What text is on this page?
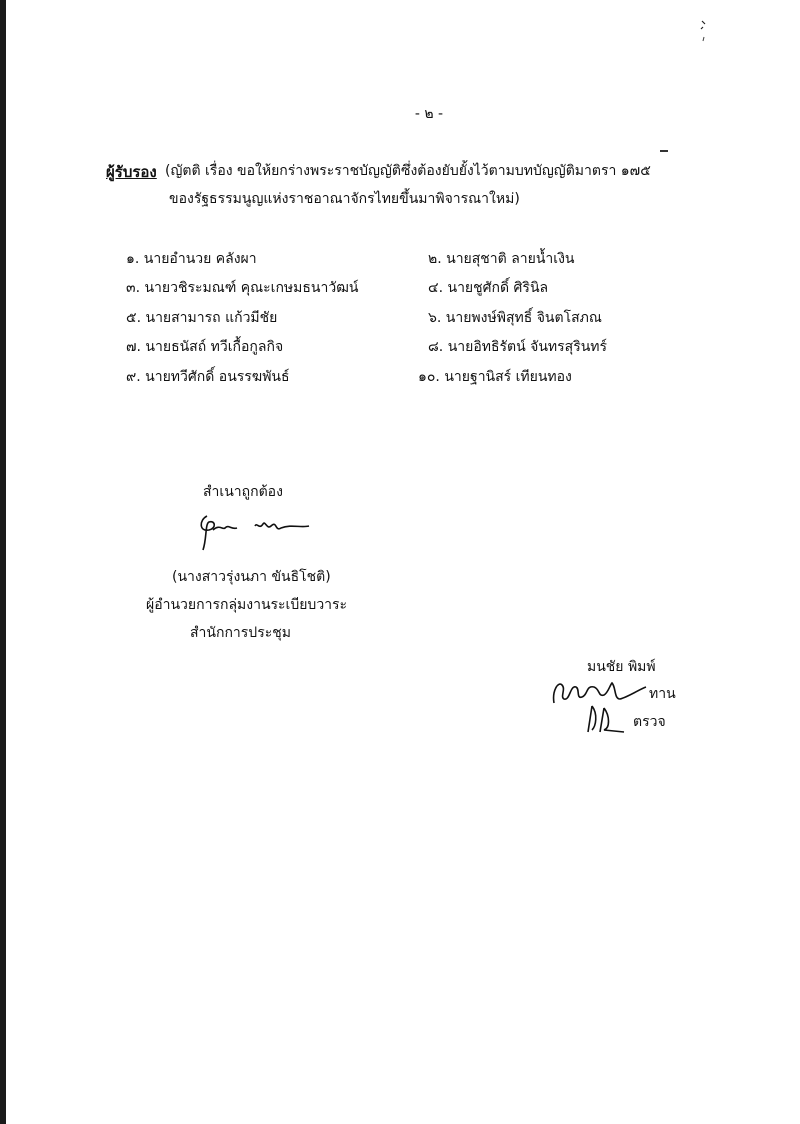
- ๒ -
ผู้รับรอง (ญัตติ เรื่อง ขอให้ยกร่างพระราชบัญญัติซึ่งต้องยับยั้งไว้ตามบทบัญญัติมาตรา ๑๗๕
ของรัฐธรรมนูญแห่งราชอาณาจักรไทยขึ้นมาพิจารณาใหม่)
๑. นายอำนวย คลังผา	๒. นายสุชาติ ลายน้ำเงิน
๓. นายวชิระมณฑ์ คุณะเกษมธนาวัฒน์	๔. นายชูศักดิ์ ศิรินิล
๕. นายสามารถ แก้วมีชัย	๖. นายพงษ์พิสุทธิ์ จินตโสภณ
๗. นายธนัสถ์ ทวีเกื้อกูลกิจ	๘. นายอิทธิรัตน์ จันทรสุรินทร์
๙. นายทวีศักดิ์ อนรรฆพันธ์	๑๐. นายฐานิสร์ เทียนทอง
สำเนาถูกต้อง
(นางสาวรุ่งนภา ขันธิโชติ)
ผู้อำนวยการกลุ่มงานระเบียบวาระ
สำนักการประชุม
มนชัย พิมพ์
ทาน
ตรวจ
